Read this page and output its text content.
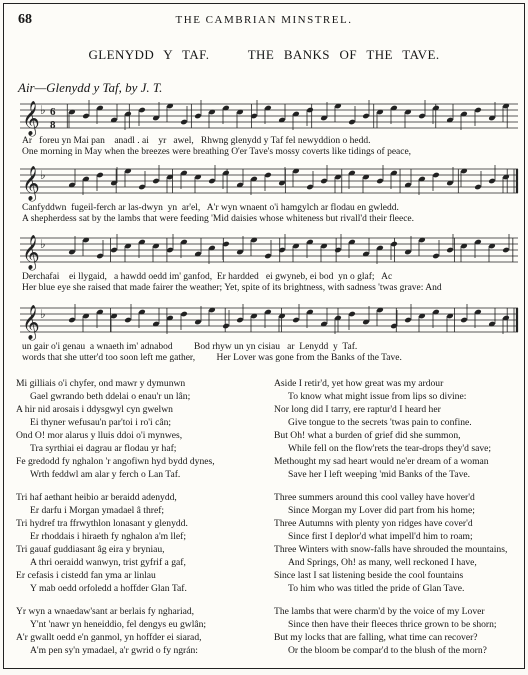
68	THE CAMBRIAN MINSTREL.
GLENYDD Y TAF.    THE BANKS OF THE TAVE.
Air—Glenydd y Taf, by J. T.
𝄞 ♭ 6
8
Ar   foreu yn Mai pan    anadl . ai    yr   awel,   Rhwng glenydd y Taf fel newyddion o hedd.
One morning in May when the breezes were breathing O'er Tave's mossy coverts like tidings of peace,
𝄞 ♭
Canfyddwn  fugeil-ferch ar las-dwyn  yn  ar'el,   A'r wyn wnaent o'i hamgylch ar flodau en gwledd.
A shepherdess sat by the lambs that were feeding 'Mid daisies whose whiteness but rivall'd their fleece.
𝄞 ♭
Derchafai    ei llygaid,   a hawdd oedd im' ganfod,  Er hardded   ei gwyneb, ei bod  yn o glaf;   Ac
Her blue eye she raised that made fairer the weather; Yet, spite of its brightness, with sadness 'twas grave: And
𝄞 ♭
un gair o'i genau  a wnaeth im' adnabod         Bod rhyw un yn cisiau   ar  Lenydd  y  Taf.
words that she utter'd too soon left me gather,         Her Lover was gone from the Banks of the Tave.
Mi gilliais o'i chyfer, ond mawr y dymunwn
Gael gwrando beth ddelai o enau'r un lân;
A hir nid arosais i ddysgwyl cyn gwelwn
Ei thyner wefusau'n par'toi i ro'i cân;
Ond O! mor alarus y lluis ddoi o'i mynwes,
Tra syrthiai ei dagrau ar flodau yr haf;
Fe gredodd fy nghalon 'r angofiwn hyd bydd dynes,
Wrth feddwl am alar y ferch o Lan Taf.
Tri haf aethant heibio ar beraidd adenydd,
Er darfu i Morgan ymadael â thref;
Tri hydref tra ffrwythlon lonasant y glenydd.
Er rhoddais i hiraeth fy nghalon a'm llef;
Tri gauaf guddiasant âg eira y bryniau,
A thri oeraidd wanwyn, trist gyfrif a gaf,
Er cefasis i cistedd fan yma ar linlau
Y mab oedd orfoledd a hoffder Glan Taf.
Yr wyn a wnaedaw'sant ar berlais fy nghariad,
Y'nt 'nawr yn heneiddio, fel dengys eu gwlân;
A'r gwallt oedd e'n ganmol, yn hoffder ei siarad,
A'm pen sy'n ymadael, a'r gwrid o fy ngrán:
Aside I retir'd, yet how great was my ardour
To know what might issue from lips so divine:
Nor long did I tarry, ere raptur'd I heard her
Give tongue to the secrets 'twas pain to confine.
But Oh! what a burden of grief did she summon,
While fell on the flow'rets the tear-drops they'd save;
Methought my sad heart would ne'er dream of a woman
Save her I left weeping 'mid Banks of the Tave.
Three summers around this cool valley have hover'd
Since Morgan my Lover did part from his home;
Three Autumns with plenty yon ridges have cover'd
Since first I deplor'd what impell'd him to roam;
Three Winters with snow-falls have shrouded the mountains,
And Springs, Oh! as many, well reckoned I have,
Since last I sat listening beside the cool fountains
To him who was titled the pride of Glan Tave.
The lambs that were charm'd by the voice of my Lover
Since then have their fleeces thrice grown to be shorn;
But my locks that are falling, what time can recover?
Or the bloom be compar'd to the blush of the morn?
